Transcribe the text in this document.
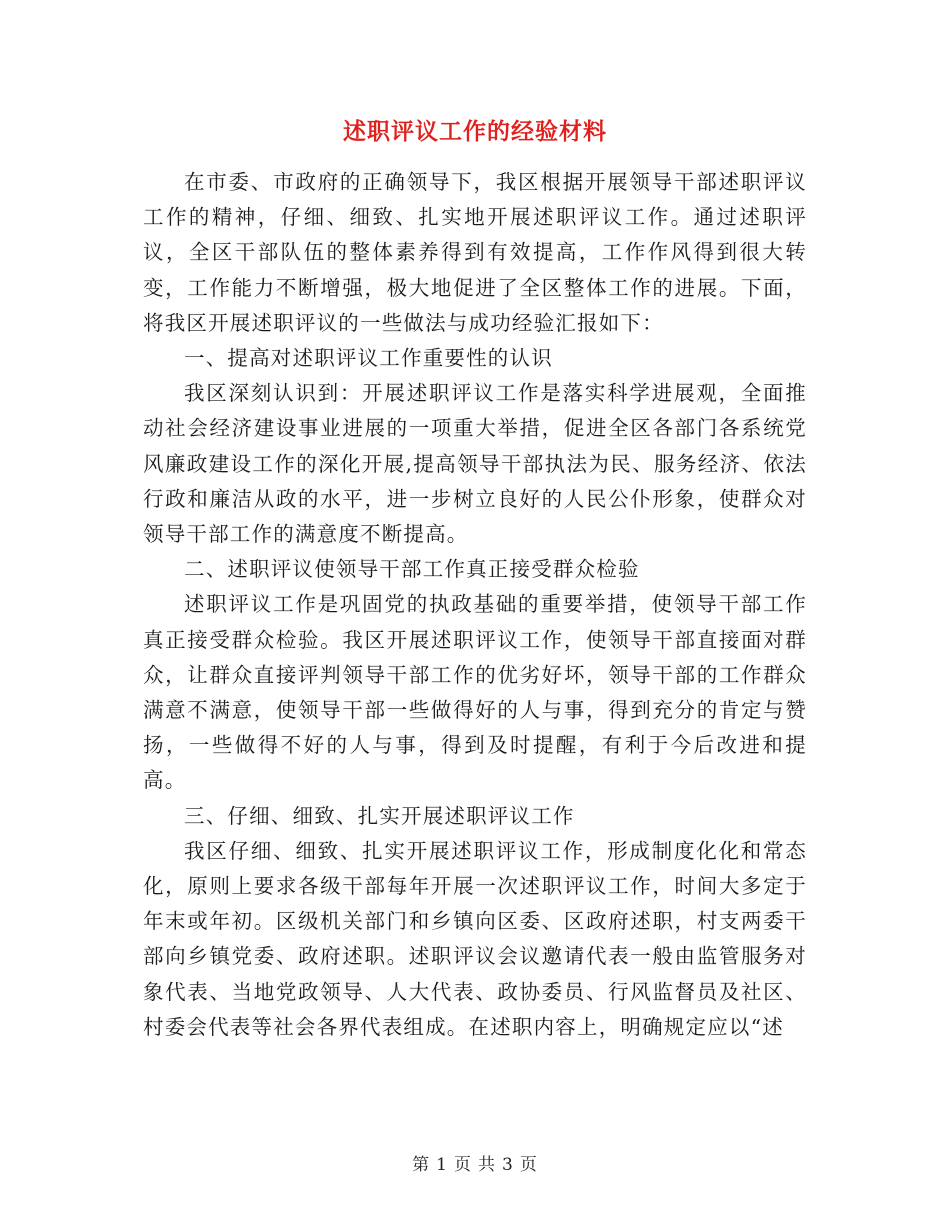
述职评议工作的经验材料

在市委、市政府的正确领导下，我区根据开展领导干部述职评议工作的精神，仔细、细致、扎实地开展述职评议工作。通过述职评议，全区干部队伍的整体素养得到有效提高，工作作风得到很大转变，工作能力不断增强，极大地促进了全区整体工作的进展。下面，将我区开展述职评议的一些做法与成功经验汇报如下：

一、提高对述职评议工作重要性的认识

我区深刻认识到：开展述职评议工作是落实科学进展观，全面推动社会经济建设事业进展的一项重大举措，促进全区各部门各系统党风廉政建设工作的深化开展,提高领导干部执法为民、服务经济、依法行政和廉洁从政的水平，进一步树立良好的人民公仆形象，使群众对领导干部工作的满意度不断提高。

二、述职评议使领导干部工作真正接受群众检验

述职评议工作是巩固党的执政基础的重要举措，使领导干部工作真正接受群众检验。我区开展述职评议工作，使领导干部直接面对群众，让群众直接评判领导干部工作的优劣好坏，领导干部的工作群众满意不满意，使领导干部一些做得好的人与事，得到充分的肯定与赞扬，一些做得不好的人与事，得到及时提醒，有利于今后改进和提高。

三、仔细、细致、扎实开展述职评议工作

我区仔细、细致、扎实开展述职评议工作，形成制度化化和常态化，原则上要求各级干部每年开展一次述职评议工作，时间大多定于年末或年初。区级机关部门和乡镇向区委、区政府述职，村支两委干部向乡镇党委、政府述职。述职评议会议邀请代表一般由监管服务对象代表、当地党政领导、人大代表、政协委员、行风监督员及社区、村委会代表等社会各界代表组成。在述职内容上，明确规定应以“述

第 1 页 共 3 页
